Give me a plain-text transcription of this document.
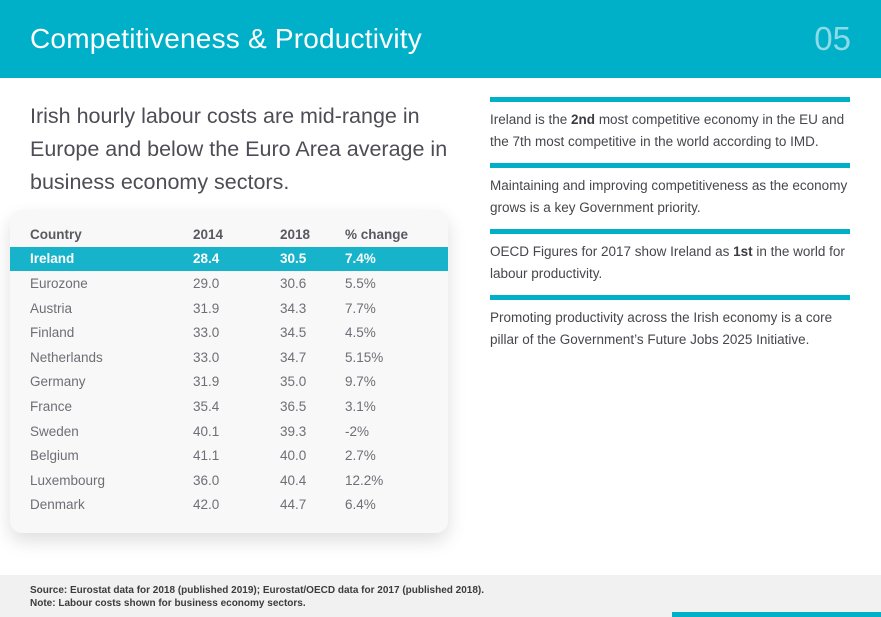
Competitiveness & Productivity	05

Irish hourly labour costs are mid-range in Europe and below the Euro Area average in business economy sectors.

Country	2014	2018	% change
Ireland	28.4	30.5	7.4%
Eurozone	29.0	30.6	5.5%
Austria	31.9	34.3	7.7%
Finland	33.0	34.5	4.5%
Netherlands	33.0	34.7	5.15%
Germany	31.9	35.0	9.7%
France	35.4	36.5	3.1%
Sweden	40.1	39.3	-2%
Belgium	41.1	40.0	2.7%
Luxembourg	36.0	40.4	12.2%
Denmark	42.0	44.7	6.4%

Ireland is the 2nd most competitive economy in the EU and the 7th most competitive in the world according to IMD.

Maintaining and improving competitiveness as the economy grows is a key Government priority.

OECD Figures for 2017 show Ireland as 1st in the world for labour productivity.

Promoting productivity across the Irish economy is a core pillar of the Government’s Future Jobs 2025 Initiative.

Source: Eurostat data for 2018 (published 2019); Eurostat/OECD data for 2017 (published 2018).

Note: Labour costs shown for business economy sectors.
